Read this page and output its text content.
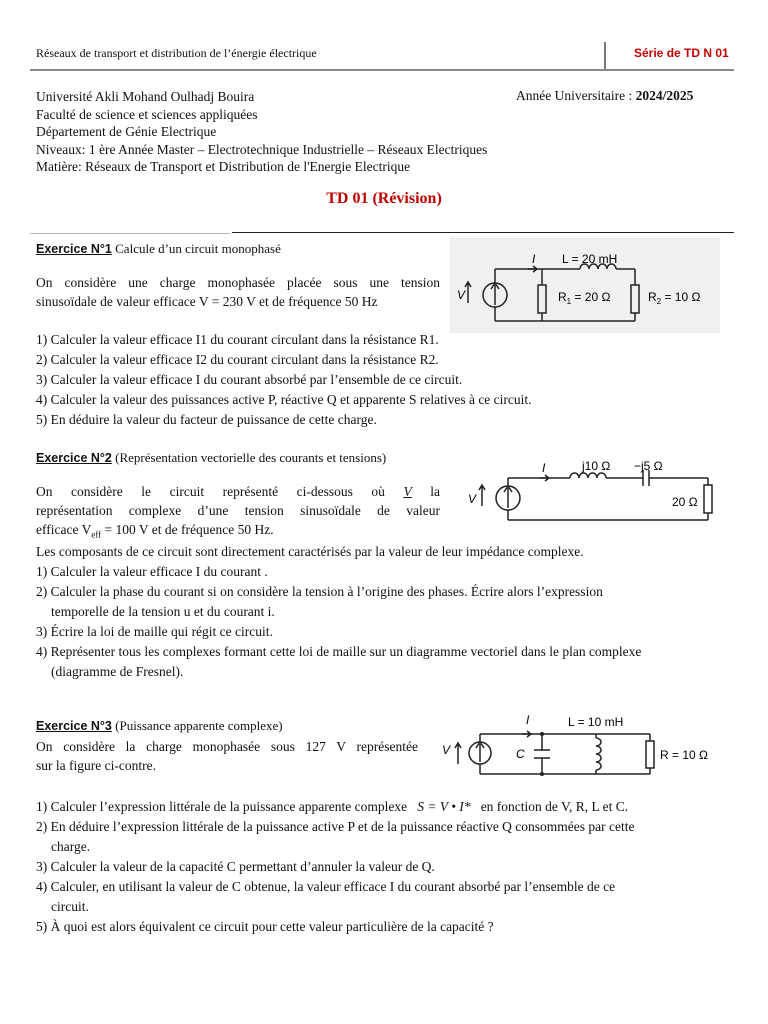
Réseaux de transport et distribution de l’énergie électrique	Série de TD N 01
Université Akli Mohand Oulhadj Bouira
Faculté de science et sciences appliquées
Département de Génie Electrique
Niveaux: 1 ère Année Master – Electrotechnique Industrielle – Réseaux Electriques
Matière: Réseaux de Transport et Distribution de l'Energie Electrique
Année Universitaire : 2024/2025
TD 01 (Révision)
Exercice N°1 Calcule d’un circuit monophasé
On considère une charge monophasée placée sous une tension
sinusoïdale de valeur efficace V = 230 V et de fréquence 50 Hz
1) Calculer la valeur efficace I1 du courant circulant dans la résistance R1.
2) Calculer la valeur efficace I2 du courant circulant dans la résistance R2.
3) Calculer la valeur efficace I du courant absorbé par l’ensemble de ce circuit.
4) Calculer la valeur des puissances active P, réactive Q et apparente S relatives à ce circuit.
5) En déduire la valeur du facteur de puissance de cette charge.
V
I L = 20 mH
$R_1 = 20$ Ω	$R_2 = 10$ Ω
Exercice N°2 (Représentation vectorielle des courants et tensions)
On considère le circuit représenté ci-dessous où V la
représentation complexe d’une tension sinusoïdale de valeur
efficace $V_{eff} = 100$ V et de fréquence 50 Hz.
Les composants de ce circuit sont directement caractérisés par la valeur de leur impédance complexe.
1) Calculer la valeur efficace I du courant .
2) Calculer la phase du courant si on considère la tension à l’origine des phases. Écrire alors l’expression
temporelle de la tension u et du courant i.
3) Écrire la loi de maille qui régit ce circuit.
4) Représenter tous les complexes formant cette loi de maille sur un diagramme vectoriel dans le plan complexe
(diagramme de Fresnel).
V
I	j10 Ω −j5 Ω
20 Ω
Exercice N°3 (Puissance apparente complexe)
On considère la charge monophasée sous 127 V représentée
sur la figure ci-contre.
1) Calculer l’expression littérale de la puissance apparente complexe S = V • I* en fonction de V, R, L et C.
2) En déduire l’expression littérale de la puissance active P et de la puissance réactive Q consommées par cette
charge.
3) Calculer la valeur de la capacité C permettant d’annuler la valeur de Q.
4) Calculer, en utilisant la valeur de C obtenue, la valeur efficace I du courant absorbé par l’ensemble de ce
circuit.
5) À quoi est alors équivalent ce circuit pour cette valeur particulière de la capacité ?
V
I
C
L = 10 mH
R = 10 Ω
